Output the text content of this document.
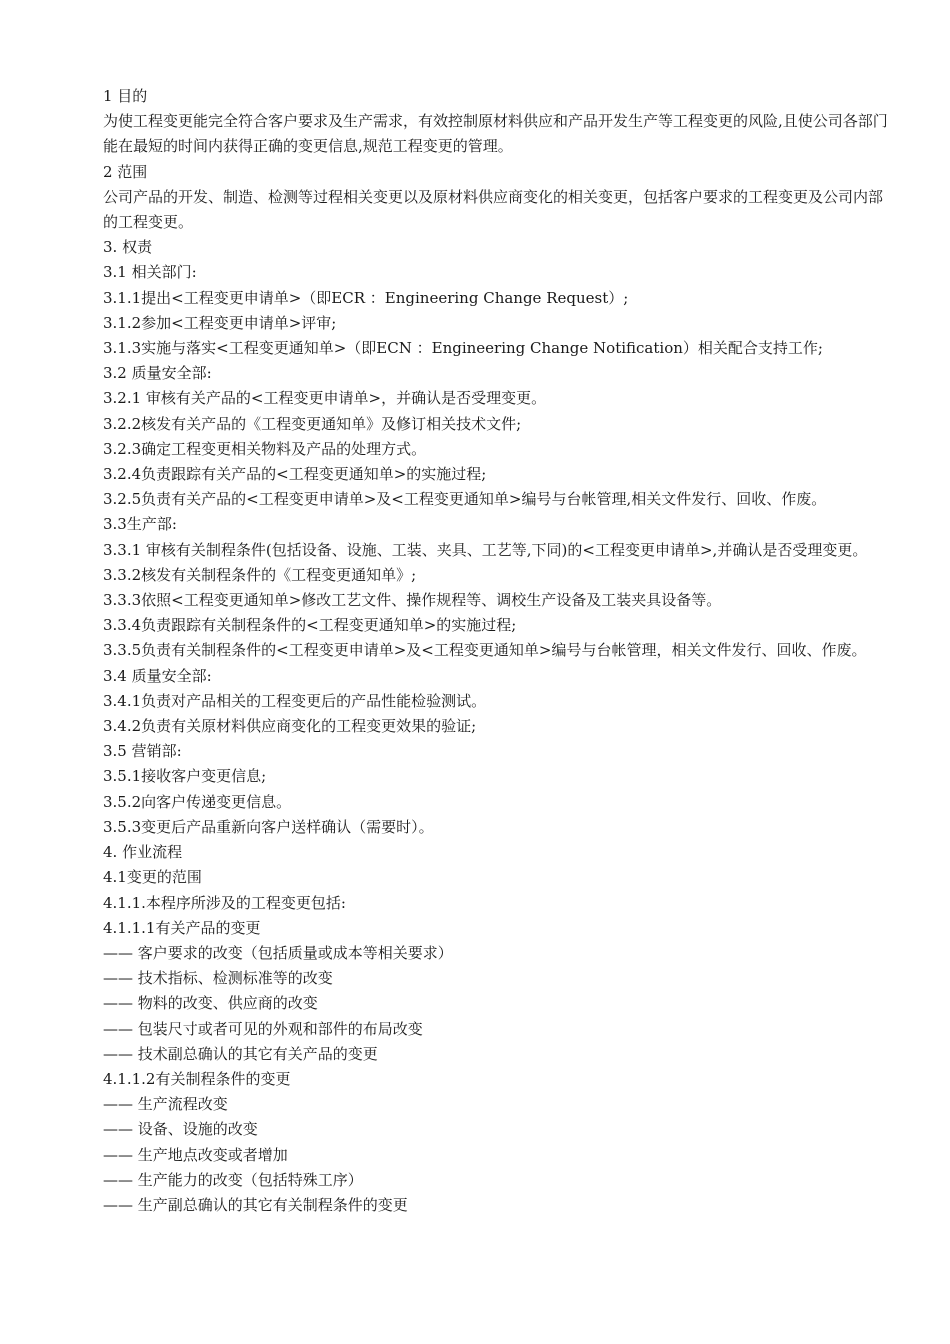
1 目的

为使工程变更能完全符合客户要求及生产需求，有效控制原材料供应和产品开发生产等工程变更的风险,且使公司各部门能在最短的时间内获得正确的变更信息,规范工程变更的管理。

2 范围

公司产品的开发、制造、检测等过程相关变更以及原材料供应商变化的相关变更，包括客户要求的工程变更及公司内部的工程变更。

3. 权责

3.1 相关部门:

3.1.1提出<工程变更申请单>（即ECR ：Engineering Change Request）;

3.1.2参加<工程变更申请单>评审;

3.1.3实施与落实<工程变更通知单>（即ECN ：Engineering Change Notification）相关配合支持工作;

3.2 质量安全部:

3.2.1 审核有关产品的<工程变更申请单>，并确认是否受理变更。

3.2.2核发有关产品的《工程变更通知单》及修订相关技术文件;

3.2.3确定工程变更相关物料及产品的处理方式。

3.2.4负责跟踪有关产品的<工程变更通知单>的实施过程;

3.2.5负责有关产品的<工程变更申请单>及<工程变更通知单>编号与台帐管理,相关文件发行、回收、作废。

3.3生产部:

3.3.1 审核有关制程条件(包括设备、设施、工装、夹具、工艺等,下同)的<工程变更申请单>,并确认是否受理变更。

3.3.2核发有关制程条件的《工程变更通知单》;

3.3.3依照<工程变更通知单>修改工艺文件、操作规程等、调校生产设备及工装夹具设备等。

3.3.4负责跟踪有关制程条件的<工程变更通知单>的实施过程;

3.3.5负责有关制程条件的<工程变更申请单>及<工程变更通知单>编号与台帐管理，相关文件发行、回收、作废。

3.4 质量安全部:

3.4.1负责对产品相关的工程变更后的产品性能检验测试。

3.4.2负责有关原材料供应商变化的工程变更效果的验证;

3.5 营销部:

3.5.1接收客户变更信息;

3.5.2向客户传递变更信息。

3.5.3变更后产品重新向客户送样确认（需要时）。

4. 作业流程

4.1变更的范围

4.1.1.本程序所涉及的工程变更包括:

4.1.1.1有关产品的变更

—— 客户要求的改变（包括质量或成本等相关要求）

—— 技术指标、检测标准等的改变

—— 物料的改变、供应商的改变

—— 包装尺寸或者可见的外观和部件的布局改变

—— 技术副总确认的其它有关产品的变更

4.1.1.2有关制程条件的变更

—— 生产流程改变

—— 设备、设施的改变

—— 生产地点改变或者增加

—— 生产能力的改变（包括特殊工序）

—— 生产副总确认的其它有关制程条件的变更
